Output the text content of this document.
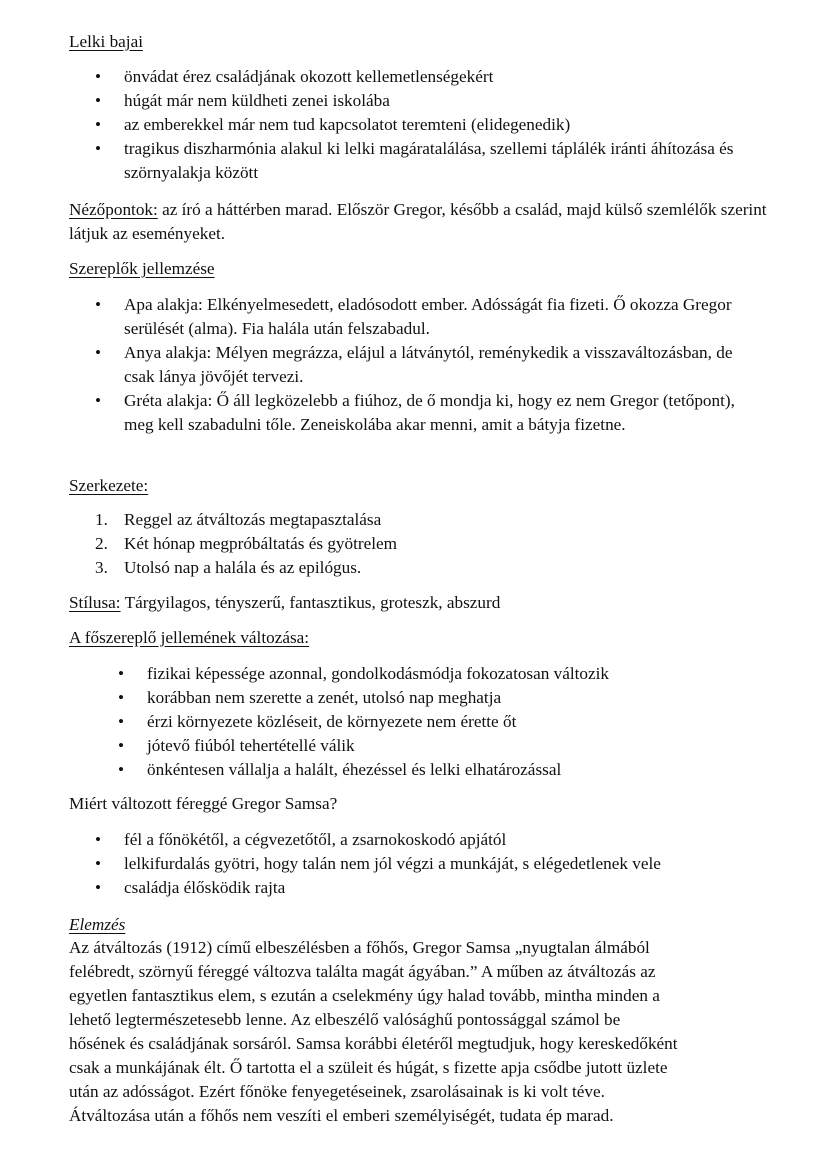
Lelki bajai
•	önvádat érez családjának okozott kellemetlenségekért
•	húgát már nem küldheti zenei iskolába
•	az emberekkel már nem tud kapcsolatot teremteni (elidegenedik)
•	tragikus diszharmónia alakul ki lelki magáratalálása, szellemi táplálék iránti áhítozása és szörnyalakja között
Nézőpontok: az író a háttérben marad. Először Gregor, később a család, majd külső szemlélők szerint látjuk az eseményeket.
Szereplők jellemzése
•	Apa alakja: Elkényelmesedett, eladósodott ember. Adósságát fia fizeti. Ő okozza Gregor serülését (alma). Fia halála után felszabadul.
•	Anya alakja: Mélyen megrázza, elájul a látványtól, reménykedik a visszaváltozásban, de csak lánya jövőjét tervezi.
•	Gréta alakja: Ő áll legközelebb a fiúhoz, de ő mondja ki, hogy ez nem Gregor (tetőpont), meg kell szabadulni tőle. Zeneiskolába akar menni, amit a bátyja fizetne.
Szerkezete:
1. Reggel az átváltozás megtapasztalása
2. Két hónap megpróbáltatás és gyötrelem
3. Utolsó nap a halála és az epilógus.
Stílusa: Tárgyilagos, tényszerű, fantasztikus, groteszk, abszurd
A főszereplő jellemének változása:
•	fizikai képessége azonnal, gondolkodásmódja fokozatosan változik
•	korábban nem szerette a zenét, utolsó nap meghatja
•	érzi környezete közléseit, de környezete nem érette őt
•	jótevő fiúból tehertétellé válik
•	önkéntesen vállalja a halált, éhezéssel és lelki elhatározással
Miért változott féreggé Gregor Samsa?
•	fél a főnökétől, a cégvezetőtől, a zsarnokoskodó apjától
•	lelkifurdalás gyötri, hogy talán nem jól végzi a munkáját, s elégedetlenek vele
•	családja élősködik rajta
Elemzés
Az átváltozás (1912) című elbeszélésben a főhős, Gregor Samsa „nyugtalan álmából
felébredt, szörnyű féreggé változva találta magát ágyában.” A műben az átváltozás az
egyetlen fantasztikus elem, s ezután a cselekmény úgy halad tovább, mintha minden a
lehető legtermészetesebb lenne. Az elbeszélő valósághű pontossággal számol be
hősének és családjának sorsáról. Samsa korábbi életéről megtudjuk, hogy kereskedőként
csak a munkájának élt. Ő tartotta el a szüleit és húgát, s fizette apja csődbe jutott üzlete
után az adósságot. Ezért főnöke fenyegetéseinek, zsarolásainak is ki volt téve.
Átváltozása után a főhős nem veszíti el emberi személyiségét, tudata ép marad.
